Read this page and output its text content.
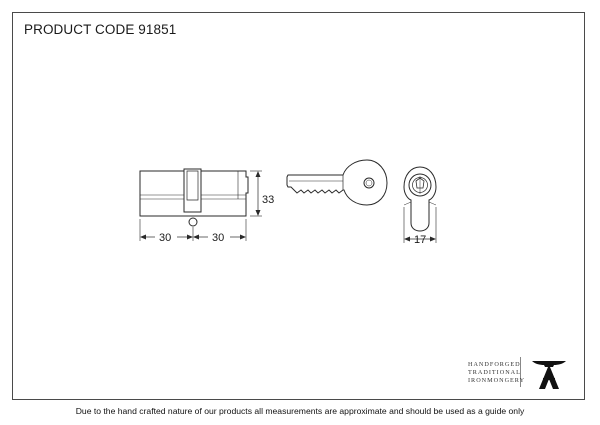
PRODUCT CODE 91851
33
30	30	17
HANDFORGED
TRADITIONAL
IRONMONGERY
Due to the hand crafted nature of our products all measurements are approximate and should be used as a guide only
